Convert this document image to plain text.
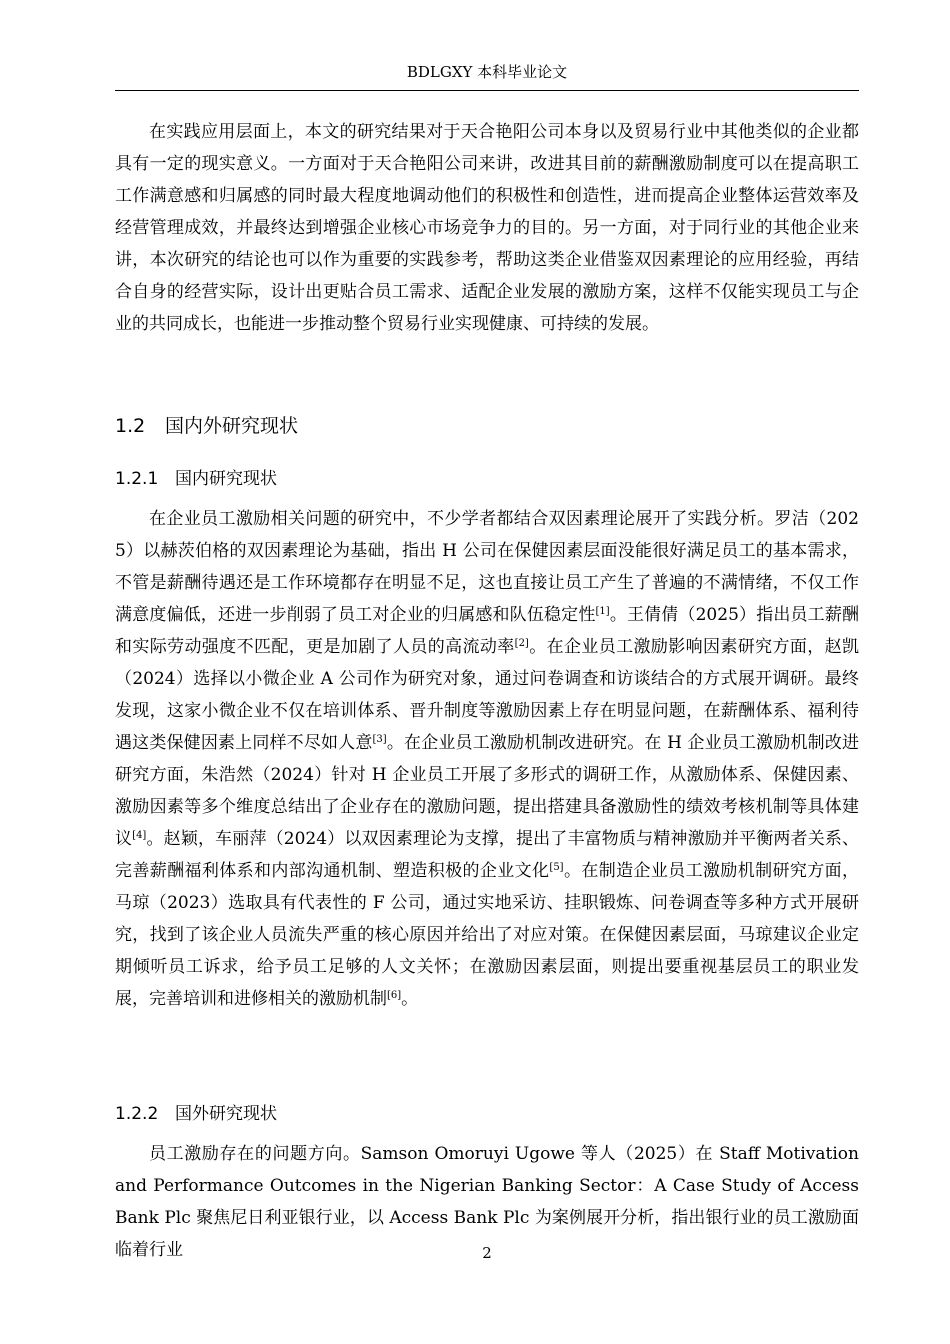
BDLGXY 本科毕业论文

在实践应用层面上，本文的研究结果对于天合艳阳公司本身以及贸易行业中其他类似的企业都具有一定的现实意义。一方面对于天合艳阳公司来讲，改进其目前的薪酬激励制度可以在提高职工工作满意感和归属感的同时最大程度地调动他们的积极性和创造性，进而提高企业整体运营效率及经营管理成效，并最终达到增强企业核心市场竞争力的目的。另一方面，对于同行业的其他企业来讲，本次研究的结论也可以作为重要的实践参考，帮助这类企业借鉴双因素理论的应用经验，再结合自身的经营实际，设计出更贴合员工需求、适配企业发展的激励方案，这样不仅能实现员工与企业的共同成长，也能进一步推动整个贸易行业实现健康、可持续的发展。

1.2 国内外研究现状
1.2.1 国内研究现状

在企业员工激励相关问题的研究中，不少学者都结合双因素理论展开了实践分析。罗洁（2025）以赫茨伯格的双因素理论为基础，指出 H 公司在保健因素层面没能很好满足员工的基本需求，不管是薪酬待遇还是工作环境都存在明显不足，这也直接让员工产生了普遍的不满情绪，不仅工作满意度偏低，还进一步削弱了员工对企业的归属感和队伍稳定性[1]。王倩倩（2025）指出员工薪酬和实际劳动强度不匹配，更是加剧了人员的高流动率[2]。在企业员工激励影响因素研究方面，赵凯（2024）选择以小微企业 A 公司作为研究对象，通过问卷调查和访谈结合的方式展开调研。最终发现，这家小微企业不仅在培训体系、晋升制度等激励因素上存在明显问题，在薪酬体系、福利待遇这类保健因素上同样不尽如人意[3]。在企业员工激励机制改进研究。在 H 企业员工激励机制改进研究方面，朱浩然（2024）针对 H 企业员工开展了多形式的调研工作，从激励体系、保健因素、激励因素等多个维度总结出了企业存在的激励问题，提出搭建具备激励性的绩效考核机制等具体建议[4]。赵颖，车丽萍（2024）以双因素理论为支撑，提出了丰富物质与精神激励并平衡两者关系、完善薪酬福利体系和内部沟通机制、塑造积极的企业文化[5]。在制造企业员工激励机制研究方面，马琼（2023）选取具有代表性的 F 公司，通过实地采访、挂职锻炼、问卷调查等多种方式开展研究，找到了该企业人员流失严重的核心原因并给出了对应对策。在保健因素层面，马琼建议企业定期倾听员工诉求，给予员工足够的人文关怀；在激励因素层面，则提出要重视基层员工的职业发展，完善培训和进修相关的激励机制[6]。

1.2.2 国外研究现状

员工激励存在的问题方向。Samson Omoruyi Ugowe 等人（2025）在 Staff Motivation and Performance Outcomes in the Nigerian Banking Sector：A Case Study of Access Bank Plc 聚焦尼日利亚银行业，以 Access Bank Plc 为案例展开分析，指出银行业的员工激励面临着行业	2
